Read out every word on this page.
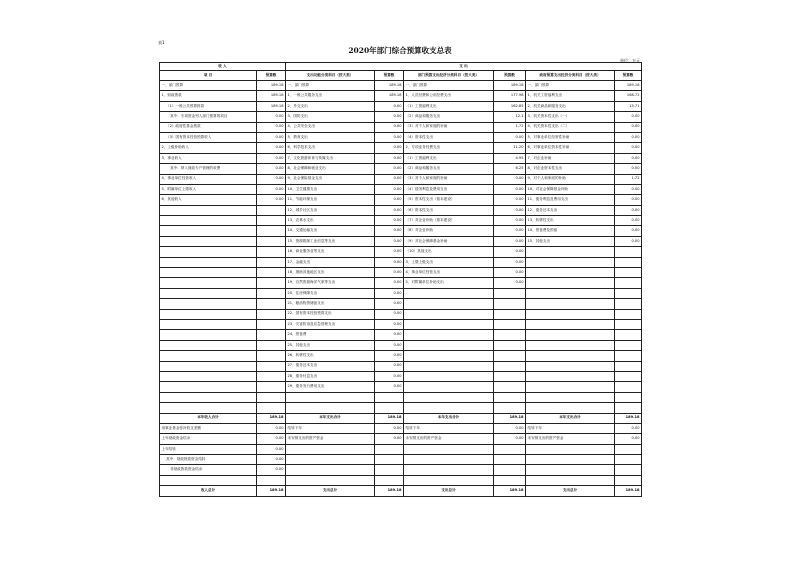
表1
2020年部门综合预算收支总表
单位：万元
收 入		支 出					
项 目	预算数	支出功能分类科目（按大类）	预算数	部门预算支出经济分类科目（按大类）	预算数	政府预算支出经济分类科目（按大类）	预算数
一、部门预算	189.18	一、部门预算	189.18	一、部门预算	189.18	一、部门预算	189.18
1、财政拨款	189.18	1、一般公共服务支出	189.18	1、人员经费和公用经费支出	177.98	1、机关工资福利支出	168.72
（1）一般公共预算拨款	189.18	2、外交支出	0.00	（1）工资福利支出	162.85	2、机关商品和服务支出	15.71
其中：专项资金列入部门预算的项目	0.00	3、国防支出	0.00	（2）商品和服务支出	12.1	3、机关资本性支出（一）	0.00
（2）政府性基金拨款	0.00	4、公共安全支出	0.00	（3）对个人和家庭的补助	1.72	4、机关资本性支出（二）	0.00
（3）国有资本经营预算收入	0.00	5、教育支出	0.00	（4）资本性支出	0.00	5、对事业单位经常性补助	0.00
2、上级补助收入	0.00	6、科学技术支出	0.00	2、专项业务经费支出	11.20	6、对事业单位资本性补助	0.00
3、事业收入	0.00	7、文化旅游体育与传媒支出	0.00	（1）工资福利支出	4.95	7、对企业补助	0.00
其中：纳入财政专户管理的收费	0.00	8、社会保障和就业支出	0.00	（2）商品和服务支出	6.25	8、对企业资本性支出	0.00
4、事业单位经营收入	0.00	9、社会保险基金支出	0.00	（3）对个人和家庭的补助	0.00	9、对个人和家庭的补助	1.72
5、附属单位上缴收入	0.00	10、卫生健康支出	0.00	（4）债务利息及费用支出	0.00	10、对社会保障基金补助	0.00
6、其他收入	0.00	11、节能环保支出	0.00	（5）资本性支出（基本建设）	0.00	11、债务利息及费用支出	0.00
		12、城乡社区支出	0.00	（6）资本性支出	0.00	12、债务还本支出	0.00
		13、农林水支出	0.00	（7）对企业补助（基本建设）	0.00	13、转移性支出	0.00
		14、交通运输支出	0.00	（8）对企业补助	0.00	14、预备费及预留	0.00
		15、资源勘探工业信息等支出	0.00	（9）对社会保障基金补助	0.00	15、其他支出	0.00
		16、商业服务业等支出	0.00	（10）其他支出	0.00		
		17、金融支出	0.00	3、上缴上级支出	0.00		
		18、援助其他地区支出	0.00	4、事业单位经营支出	0.00		
		19、自然资源海洋气象等支出	0.00	5、对附属单位补助支出	0.00		
		20、住房保障支出	0.00				
		21、粮油物资储备支出	0.00				
		22、国有资本经营预算支出	0.00				
		23、灾害防治及应急管理支出	0.00				
		24、预备费	0.00				
		25、其他支出	0.00				
		26、转移性支出	0.00				
		27、债务还本支出	0.00				
		28、债务付息支出	0.00				
		29、债务发行费用支出	0.00				

本年收入合计	189.18	本年支出合计	189.18	本年支出合计	189.18	本年支出合计	189.18
用事业基金弥补收支差额	0.00	结转下年	0.00	结转下年	0.00	结转下年	0.00
上年财政资金结余	0.00	未安排支出的资产资金	0.00	未安排支出的资产资金	0.00	未安排支出的资产资金	0.00
上年结转	0.00						
其中：财政拨款资金结转	0.00						
非财政拨款资金结余	0.00						

收入总计	189.18	支出总计	189.18	支出总计	189.18	支出总计	189.18
